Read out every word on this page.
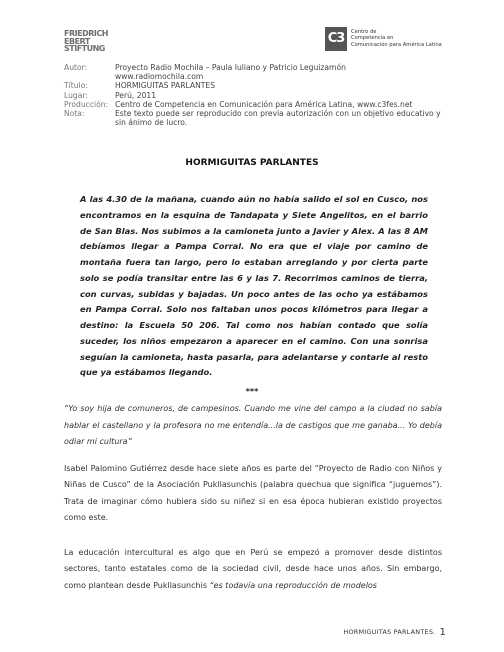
FRIEDRICH
EBERT
STIFTUNG
C3	Centro de
Competencia en
Comunicación para América Latina
Autor:	Proyecto Radio Mochila – Paula Iuliano y Patricio Leguizamón
www.radiomochila.com
Título:	HORMIGUITAS PARLANTES
Lugar:	Perú, 2011
Producción: Centro de Competencia en Comunicación para América Latina, www.c3fes.net
Nota:	Este texto puede ser reproducido con previa autorización con un objetivo educativo y sin ánimo de lucro.
HORMIGUITAS PARLANTES
A las 4.30 de la mañana, cuando aún no había salido el sol en Cusco, nos encontramos en la esquina de Tandapata y Siete Angelitos, en el barrio de San Blas. Nos subimos a la camioneta junto a Javier y Alex. A las 8 AM debíamos llegar a Pampa Corral. No era que el viaje por camino de montaña fuera tan largo, pero lo estaban arreglando y por cierta parte solo se podía transitar entre las 6 y las 7. Recorrimos caminos de tierra, con curvas, subidas y bajadas. Un poco antes de las ocho ya estábamos en Pampa Corral. Solo nos faltaban unos pocos kilómetros para llegar a destino: la Escuela 50 206. Tal como nos habían contado que solía suceder, los niños empezaron a aparecer en el camino. Con una sonrisa seguían la camioneta, hasta pasarla, para adelantarse y contarle al resto que ya estábamos llegando.
***
“Yo soy hija de comuneros, de campesinos. Cuando me vine del campo a la ciudad no sabía hablar el castellano y la profesora no me entendía...la de castigos que me ganaba... Yo debía odiar mi cultura”
Isabel Palomino Gutiérrez desde hace siete años es parte del “Proyecto de Radio con Niños y Niñas de Cusco” de la Asociación Pukllasunchis (palabra quechua que significa “juguemos”). Trata de imaginar cómo hubiera sido su niñez si en esa época hubieran existido proyectos como este.
La educación intercultural es algo que en Perú se empezó a promover desde distintos sectores, tanto estatales como de la sociedad civil, desde hace unos años. Sin embargo, como plantean desde Pukllasunchis “es todavía una reproducción de modelos
HORMIGUITAS PARLANTES. 1
